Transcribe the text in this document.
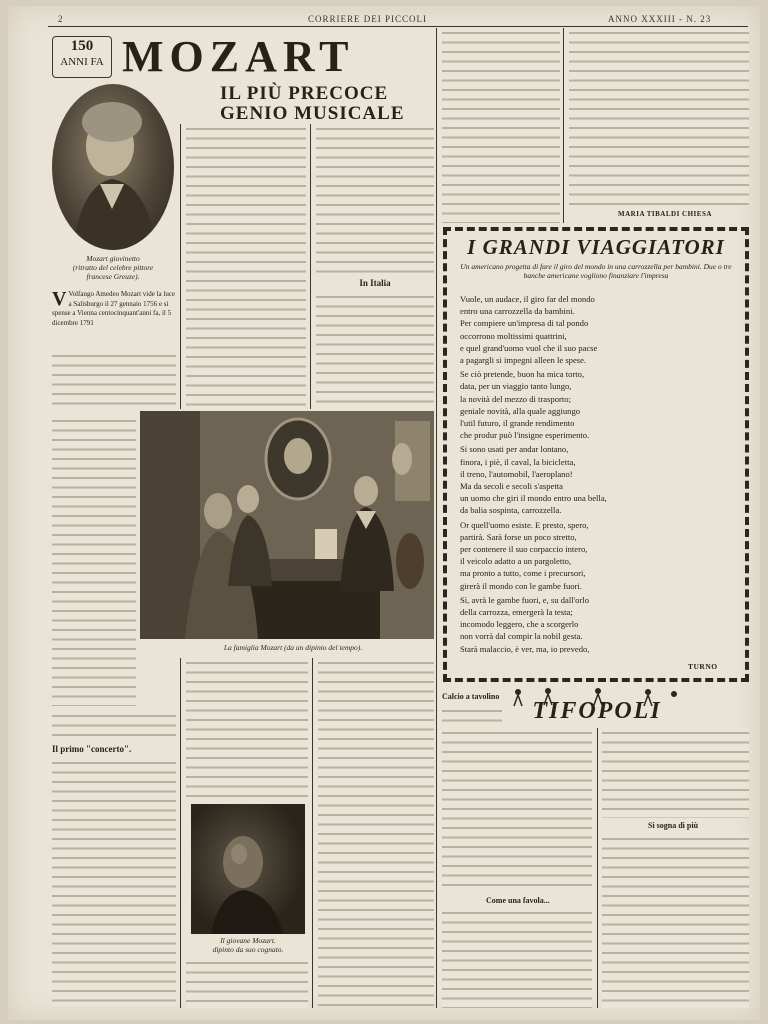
2	CORRIERE DEI PICCOLI	ANNO XXXIII - N. 23
150
ANNI FA MOZART
IL PIÙ PRECOCE
GENIO MUSICALE
Mozart giovinetto
(ritratto del celebre pittore
francese Greuze).
V Volfango Amedeo Mozart vide la luce a Salisburgo il 27 gennaio 1756 e si spense a Vienna centocinquant'anni fa, il 5 dicembre 1791
In Italia
Il primo "concerto".
La famiglia Mozart (da un dipinto del tempo).
Il giovane Mozart.
dipinto da suo cognato.
MARIA TIBALDI CHIESA
I GRANDI VIAGGIATORI
Un americano progetta di fare il giro del mondo in una carrozzella per bambini. Due o tre banche americane vogliono finanziare l'impresa
Vuole, un audace, il giro far del mondo
entro una carrozzella da bambini.
Per compiere un'impresa di tal pondo
occorrono moltissimi quattrini,
e quel grand'uomo vuol che il suo pacse
a pagargli si impegni alleen le spese.
Se ciò pretende, buon ha mica torto,
data, per un viaggio tanto lungo,
la novità del mezzo di trasporto;
geniale novità, alla quale aggiungo
l'util futuro, il grande rendimento
che produr può l'insigne esperimento.
Si sono usati per andar lontano,
finora, i piè, il caval, la bicicletta,
il treno, l'automobil, l'aeroplano!
Ma da secoli e secoli s'aspetta
un uomo che giri il mondo entro una bella,
da balia sospinta, carrozzella.
Or quell'uomo esiste. E presto, spero,
partirà. Sarà forse un poco stretto,
per contenere il suo corpaccio intero,
il veicolo adatto a un pargoletto,
ma pronto a tutto, come i precursori,
girerà il mondo con le gambe fuori.
Sì, avrà le gambe fuori, e, su dall'orlo
della carrozza, emergerà la testa;
incomodo leggero, che a scorgerlo
non vorrà dal compir la nobil gesta.
Starà malaccio, è ver, ma, io prevedo,
TURNO
Calcio a tavolino
TIFOPOLI
Come una favola...
Si sogna di più
